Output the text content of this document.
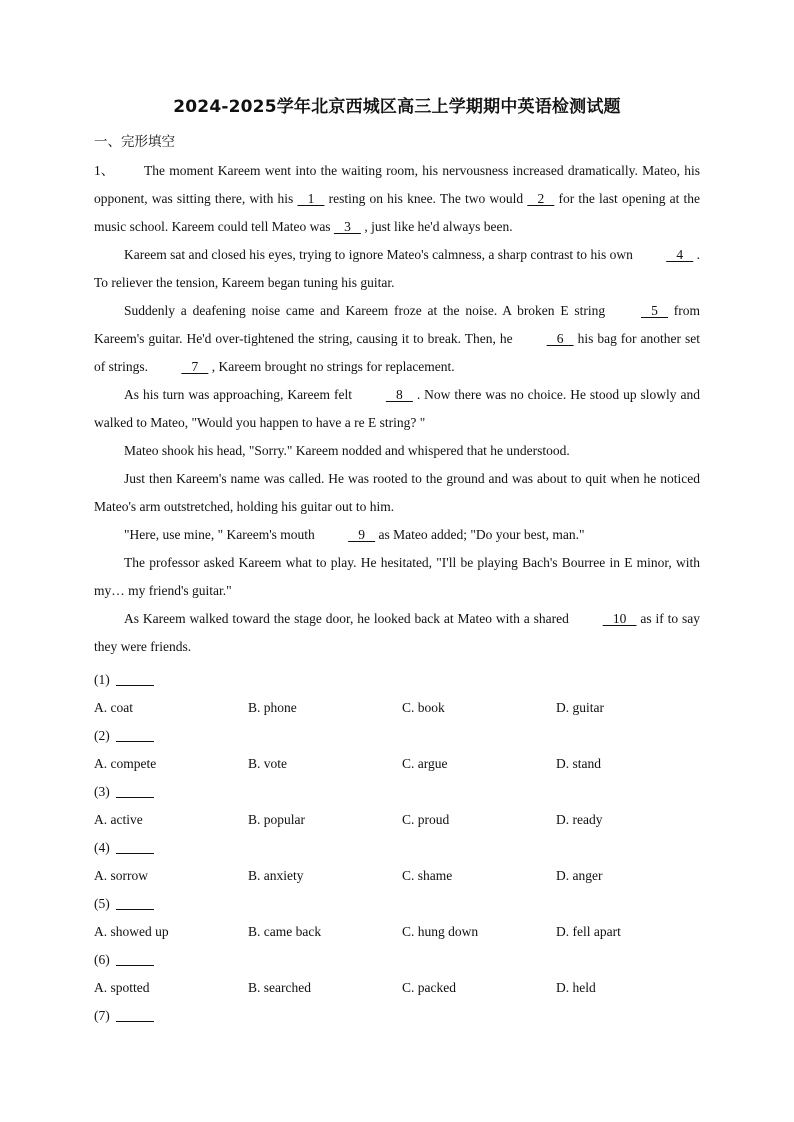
2024-2025学年北京西城区高三上学期期中英语检测试题
一、完形填空

1、 The moment Kareem went into the waiting room, his nervousness increased dramatically. Mateo, his opponent, was sitting there, with his    1    resting on his knee. The two would    2    for the last opening at the music school. Kareem could tell Mateo was    3    , just like he'd always been.

Kareem sat and closed his eyes, trying to ignore Mateo's calmness, a sharp contrast to his own    4    . To reliever the tension, Kareem began tuning his guitar.

Suddenly a deafening noise came and Kareem froze at the noise. A broken E string    5    from Kareem's guitar. He'd over-tightened the string, causing it to break. Then, he    6    his bag for another set of strings.    7    , Kareem brought no strings for replacement.

As his turn was approaching, Kareem felt    8    . Now there was no choice. He stood up slowly and walked to Mateo, "Would you happen to have a re E string? "

Mateo shook his head, "Sorry." Kareem nodded and whispered that he understood.

Just then Kareem's name was called. He was rooted to the ground and was about to quit when he noticed Mateo's arm outstretched, holding his guitar out to him.

"Here, use mine, " Kareem's mouth    9    as Mateo added; "Do your best, man."

The professor asked Kareem what to play. He hesitated, "I'll be playing Bach's Bourree in E minor, with my… my friend's guitar."

As Kareem walked toward the stage door, he looked back at Mateo with a shared    10    as if to say they were friends.

(1)
A. coat	B. phone	C. book	D. guitar
(2)
A. compete	B. vote	C. argue	D. stand
(3)
A. active	B. popular	C. proud	D. ready
(4)
A. sorrow	B. anxiety	C. shame	D. anger
(5)
A. showed up	B. came back	C. hung down	D. fell apart
(6)
A. spotted	B. searched	C. packed	D. held
(7)
